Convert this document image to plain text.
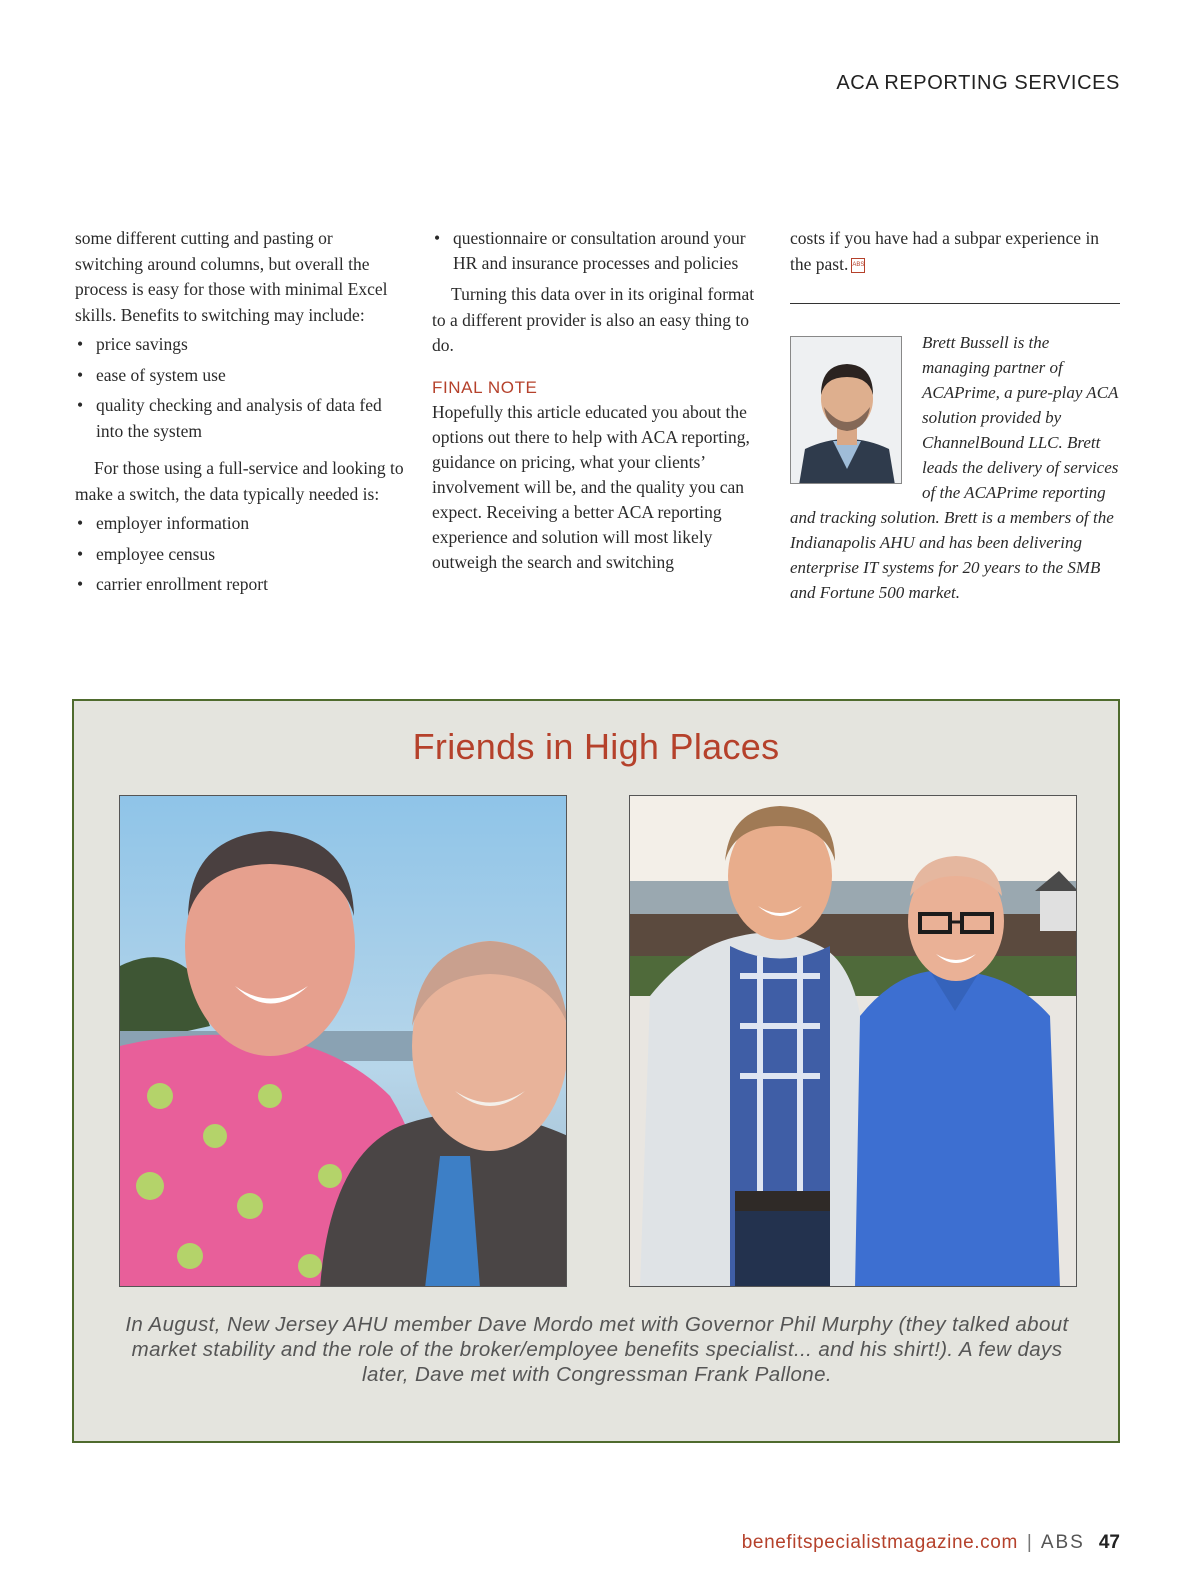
ACA REPORTING SERVICES

some different cutting and pasting or switching around columns, but overall the process is easy for those with minimal Excel skills. Benefits to switching may include:

• price savings
• ease of system use
• quality checking and analysis of data fed into the system

For those using a full-service and looking to make a switch, the data typically needed is:

• employer information
• employee census
• carrier enrollment report
• questionnaire or consultation around your HR and insurance processes and policies

Turning this data over in its original format to a different provider is also an easy thing to do.

FINAL NOTE

Hopefully this article educated you about the options out there to help with ACA reporting, guidance on pricing, what your clients’ involvement will be, and the quality you can expect. Receiving a better ACA reporting experience and solution will most likely outweigh the search and switching

costs if you have had a subpar experience in the past. ABS

Brett Bussell is the managing partner of ACAPrime, a pure-play ACA solution provided by ChannelBound LLC. Brett leads the delivery of services of the ACAPrime reporting and tracking solution. Brett is a members of the Indianapolis AHU and has been delivering enterprise IT systems for 20 years to the SMB and Fortune 500 market.
Friends in High Places
In August, New Jersey AHU member Dave Mordo met with Governor Phil Murphy (they talked about market stability and the role of the broker/employee benefits specialist... and his shirt!). A few days later, Dave met with Congressman Frank Pallone.
benefitspecialistmagazine.com | ABS 47
